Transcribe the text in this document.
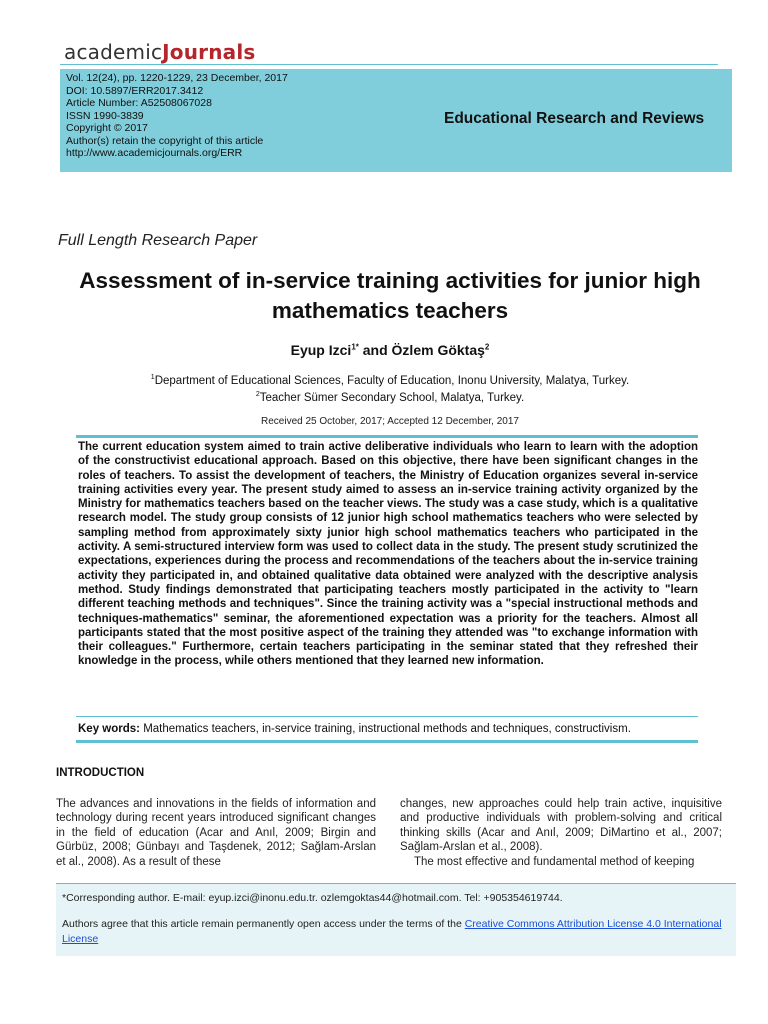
academicJournals
Vol. 12(24), pp. 1220-1229, 23 December, 2017
DOI: 10.5897/ERR2017.3412
Article Number: A52508067028
ISSN 1990-3839
Copyright © 2017
Author(s) retain the copyright of this article
http://www.academicjournals.org/ERR
Educational Research and Reviews
Full Length Research Paper
Assessment of in-service training activities for junior high mathematics teachers
Eyup Izci$^{1*}$ and Özlem Göktaş$^2$
$^1$Department of Educational Sciences, Faculty of Education, Inonu University, Malatya, Turkey.
$^2$Teacher Sümer Secondary School, Malatya, Turkey.
Received 25 October, 2017; Accepted 12 December, 2017
The current education system aimed to train active deliberative individuals who learn to learn with the adoption of the constructivist educational approach. Based on this objective, there have been significant changes in the roles of teachers. To assist the development of teachers, the Ministry of Education organizes several in-service training activities every year. The present study aimed to assess an in-service training activity organized by the Ministry for mathematics teachers based on the teacher views. The study was a case study, which is a qualitative research model. The study group consists of 12 junior high school mathematics teachers who were selected by sampling method from approximately sixty junior high school mathematics teachers who participated in the activity. A semi-structured interview form was used to collect data in the study. The present study scrutinized the expectations, experiences during the process and recommendations of the teachers about the in-service training activity they participated in, and obtained qualitative data obtained were analyzed with the descriptive analysis method. Study findings demonstrated that participating teachers mostly participated in the activity to "learn different teaching methods and techniques". Since the training activity was a "special instructional methods and techniques-mathematics" seminar, the aforementioned expectation was a priority for the teachers. Almost all participants stated that the most positive aspect of the training they attended was "to exchange information with their colleagues." Furthermore, certain teachers participating in the seminar stated that they refreshed their knowledge in the process, while others mentioned that they learned new information.
Key words: Mathematics teachers, in-service training, instructional methods and techniques, constructivism.
INTRODUCTION
The advances and innovations in the fields of information and technology during recent years introduced significant changes in the field of education (Acar and Anıl, 2009; Birgin and Gürbüz, 2008; Günbayı and Taşdenek, 2012; Sağlam-Arslan et al., 2008). As a result of these
changes, new approaches could help train active, inquisitive and productive individuals with problem-solving and critical thinking skills (Acar and Anıl, 2009; DiMartino et al., 2007; Sağlam-Arslan et al., 2008).
The most effective and fundamental method of keeping
*Corresponding author. E-mail: eyup.izci@inonu.edu.tr. ozlemgoktas44@hotmail.com. Tel: +905354619744.
Authors agree that this article remain permanently open access under the terms of the Creative Commons Attribution License 4.0 International License
